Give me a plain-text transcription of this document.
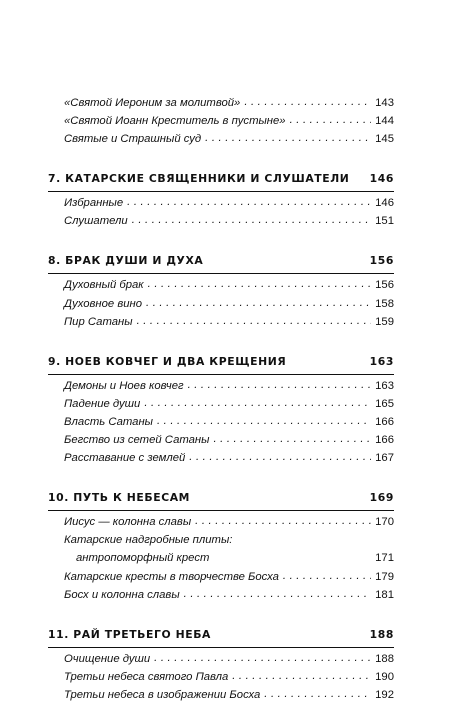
«Святой Иероним за молитвой» . . .	143
«Святой Иоанн Креститель в пустыне» . . .	144
Святые и Страшный суд . . .	145
7. КАТАРСКИЕ СВЯЩЕННИКИ И СЛУШАТЕЛИ	146
Избранные . . .	146
Слушатели . . .	151
8. БРАК ДУШИ И ДУХА	156
Духовный брак . . .	156
Духовное вино . . .	158
Пир Сатаны . . .	159
9. НОЕВ КОВЧЕГ И ДВА КРЕЩЕНИЯ	163
Демоны и Ноев ковчег . . .	163
Падение души . . .	165
Власть Сатаны . . .	166
Бегство из сетей Сатаны . . .	166
Расставание с землей . . .	167
10. ПУТЬ К НЕБЕСАМ	169
Иисус — колонна славы . . .	170
Катарские надгробные плиты:
антропоморфный крест	171
Катарские кресты в творчестве Босха . . .	179
Босх и колонна славы . . .	181
11. РАЙ ТРЕТЬЕГО НЕБА	188
Очищение души . . .	188
Третьи небеса святого Павла . . .	190
Третьи небеса в изображении Босха . . .	192
